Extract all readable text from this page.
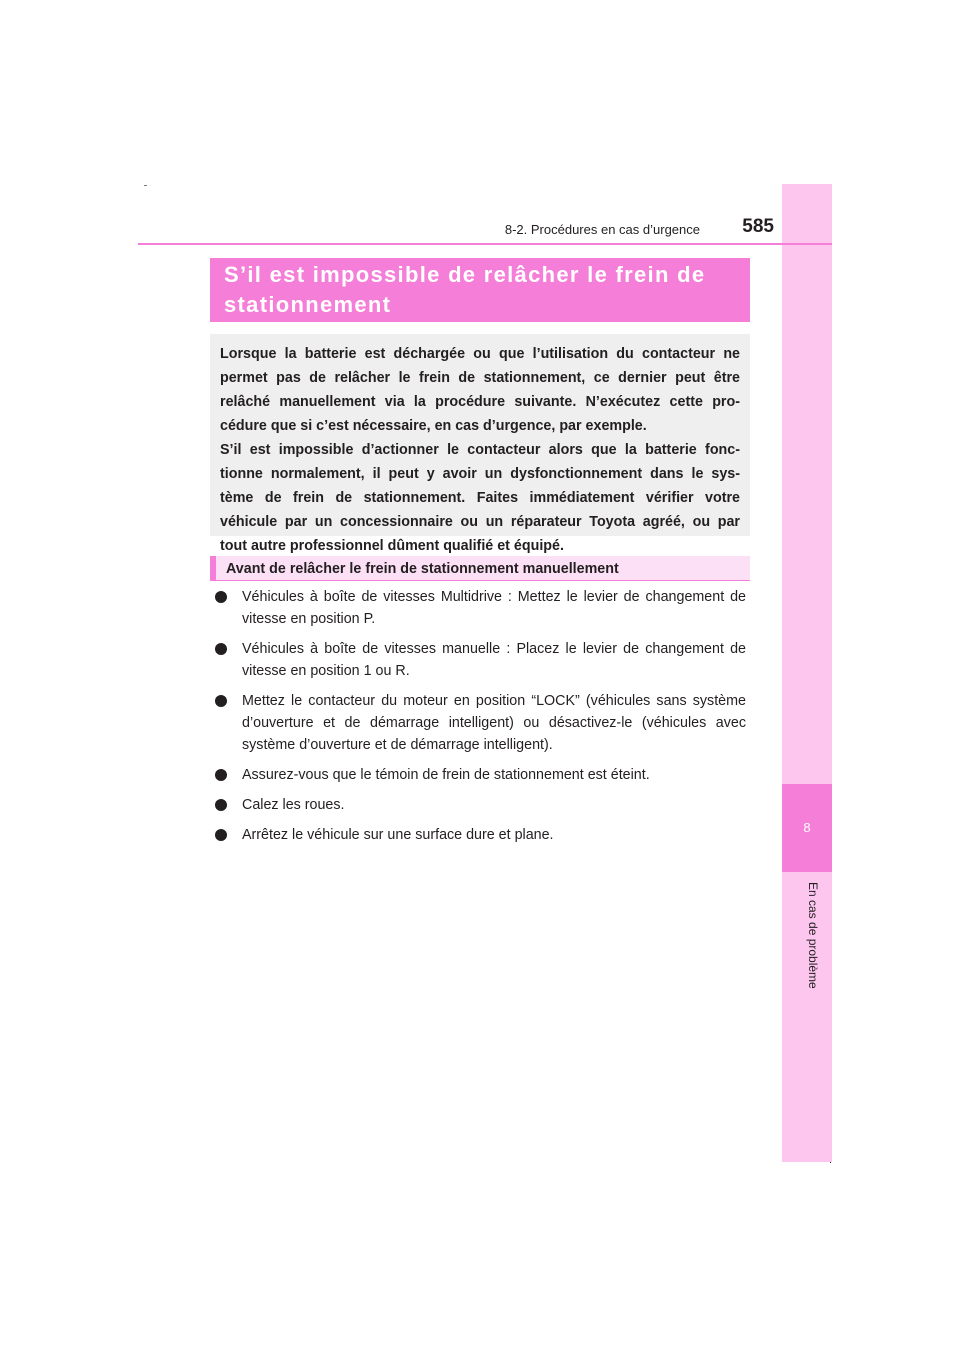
8
En cas de problème
8-2. Procédures en cas d’urgence	585

S’il est impossible de relâcher le frein de

stationnement

Lorsque la batterie est déchargée ou que l’utilisation du contacteur ne

permet pas de relâcher le frein de stationnement, ce dernier peut être

relâché manuellement via la procédure suivante. N’exécutez cette pro-

cédure que si c’est nécessaire, en cas d’urgence, par exemple.

S’il est impossible d’actionner le contacteur alors que la batterie fonc-

tionne normalement, il peut y avoir un dysfonctionnement dans le sys-

tème de frein de stationnement. Faites immédiatement vérifier votre

véhicule par un concessionnaire ou un réparateur Toyota agréé, ou par

tout autre professionnel dûment qualifié et équipé.

Avant de relâcher le frein de stationnement manuellement
Véhicules à boîte de vitesses Multidrive : Mettez le levier de changement de vitesse en position P.
Véhicules à boîte de vitesses manuelle : Placez le levier de changement de vitesse en position 1 ou R.
Mettez le contacteur du moteur en position “LOCK” (véhicules sans système d’ouverture et de démarrage intelligent) ou désactivez-le (véhicules avec système d’ouverture et de démarrage intelligent).
Assurez-vous que le témoin de frein de stationnement est éteint.
Calez les roues.
Arrêtez le véhicule sur une surface dure et plane.
